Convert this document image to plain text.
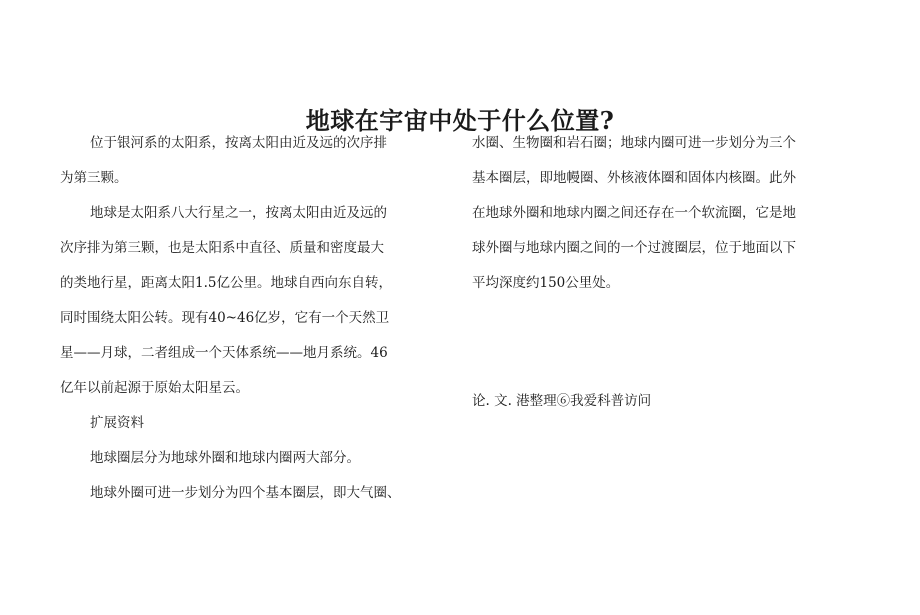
地球在宇宙中处于什么位置?
位于银河系的太阳系，按离太阳由近及远的次序排
为第三颗。
地球是太阳系八大行星之一，按离太阳由近及远的
次序排为第三颗，也是太阳系中直径、质量和密度最大
的类地行星，距离太阳1.5亿公里。地球自西向东自转，
同时围绕太阳公转。现有40~46亿岁，它有一个天然卫
星——月球，二者组成一个天体系统——地月系统。46
亿年以前起源于原始太阳星云。
扩展资料
地球圈层分为地球外圈和地球内圈两大部分。
地球外圈可进一步划分为四个基本圈层，即大气圈、
水圈、生物圈和岩石圈；地球内圈可进一步划分为三个
基本圈层，即地幔圈、外核液体圈和固体内核圈。此外
在地球外圈和地球内圈之间还存在一个软流圈，它是地
球外圈与地球内圈之间的一个过渡圈层，位于地面以下
平均深度约150公里处。
论. 文. 港整理⑥我爱科普访问
